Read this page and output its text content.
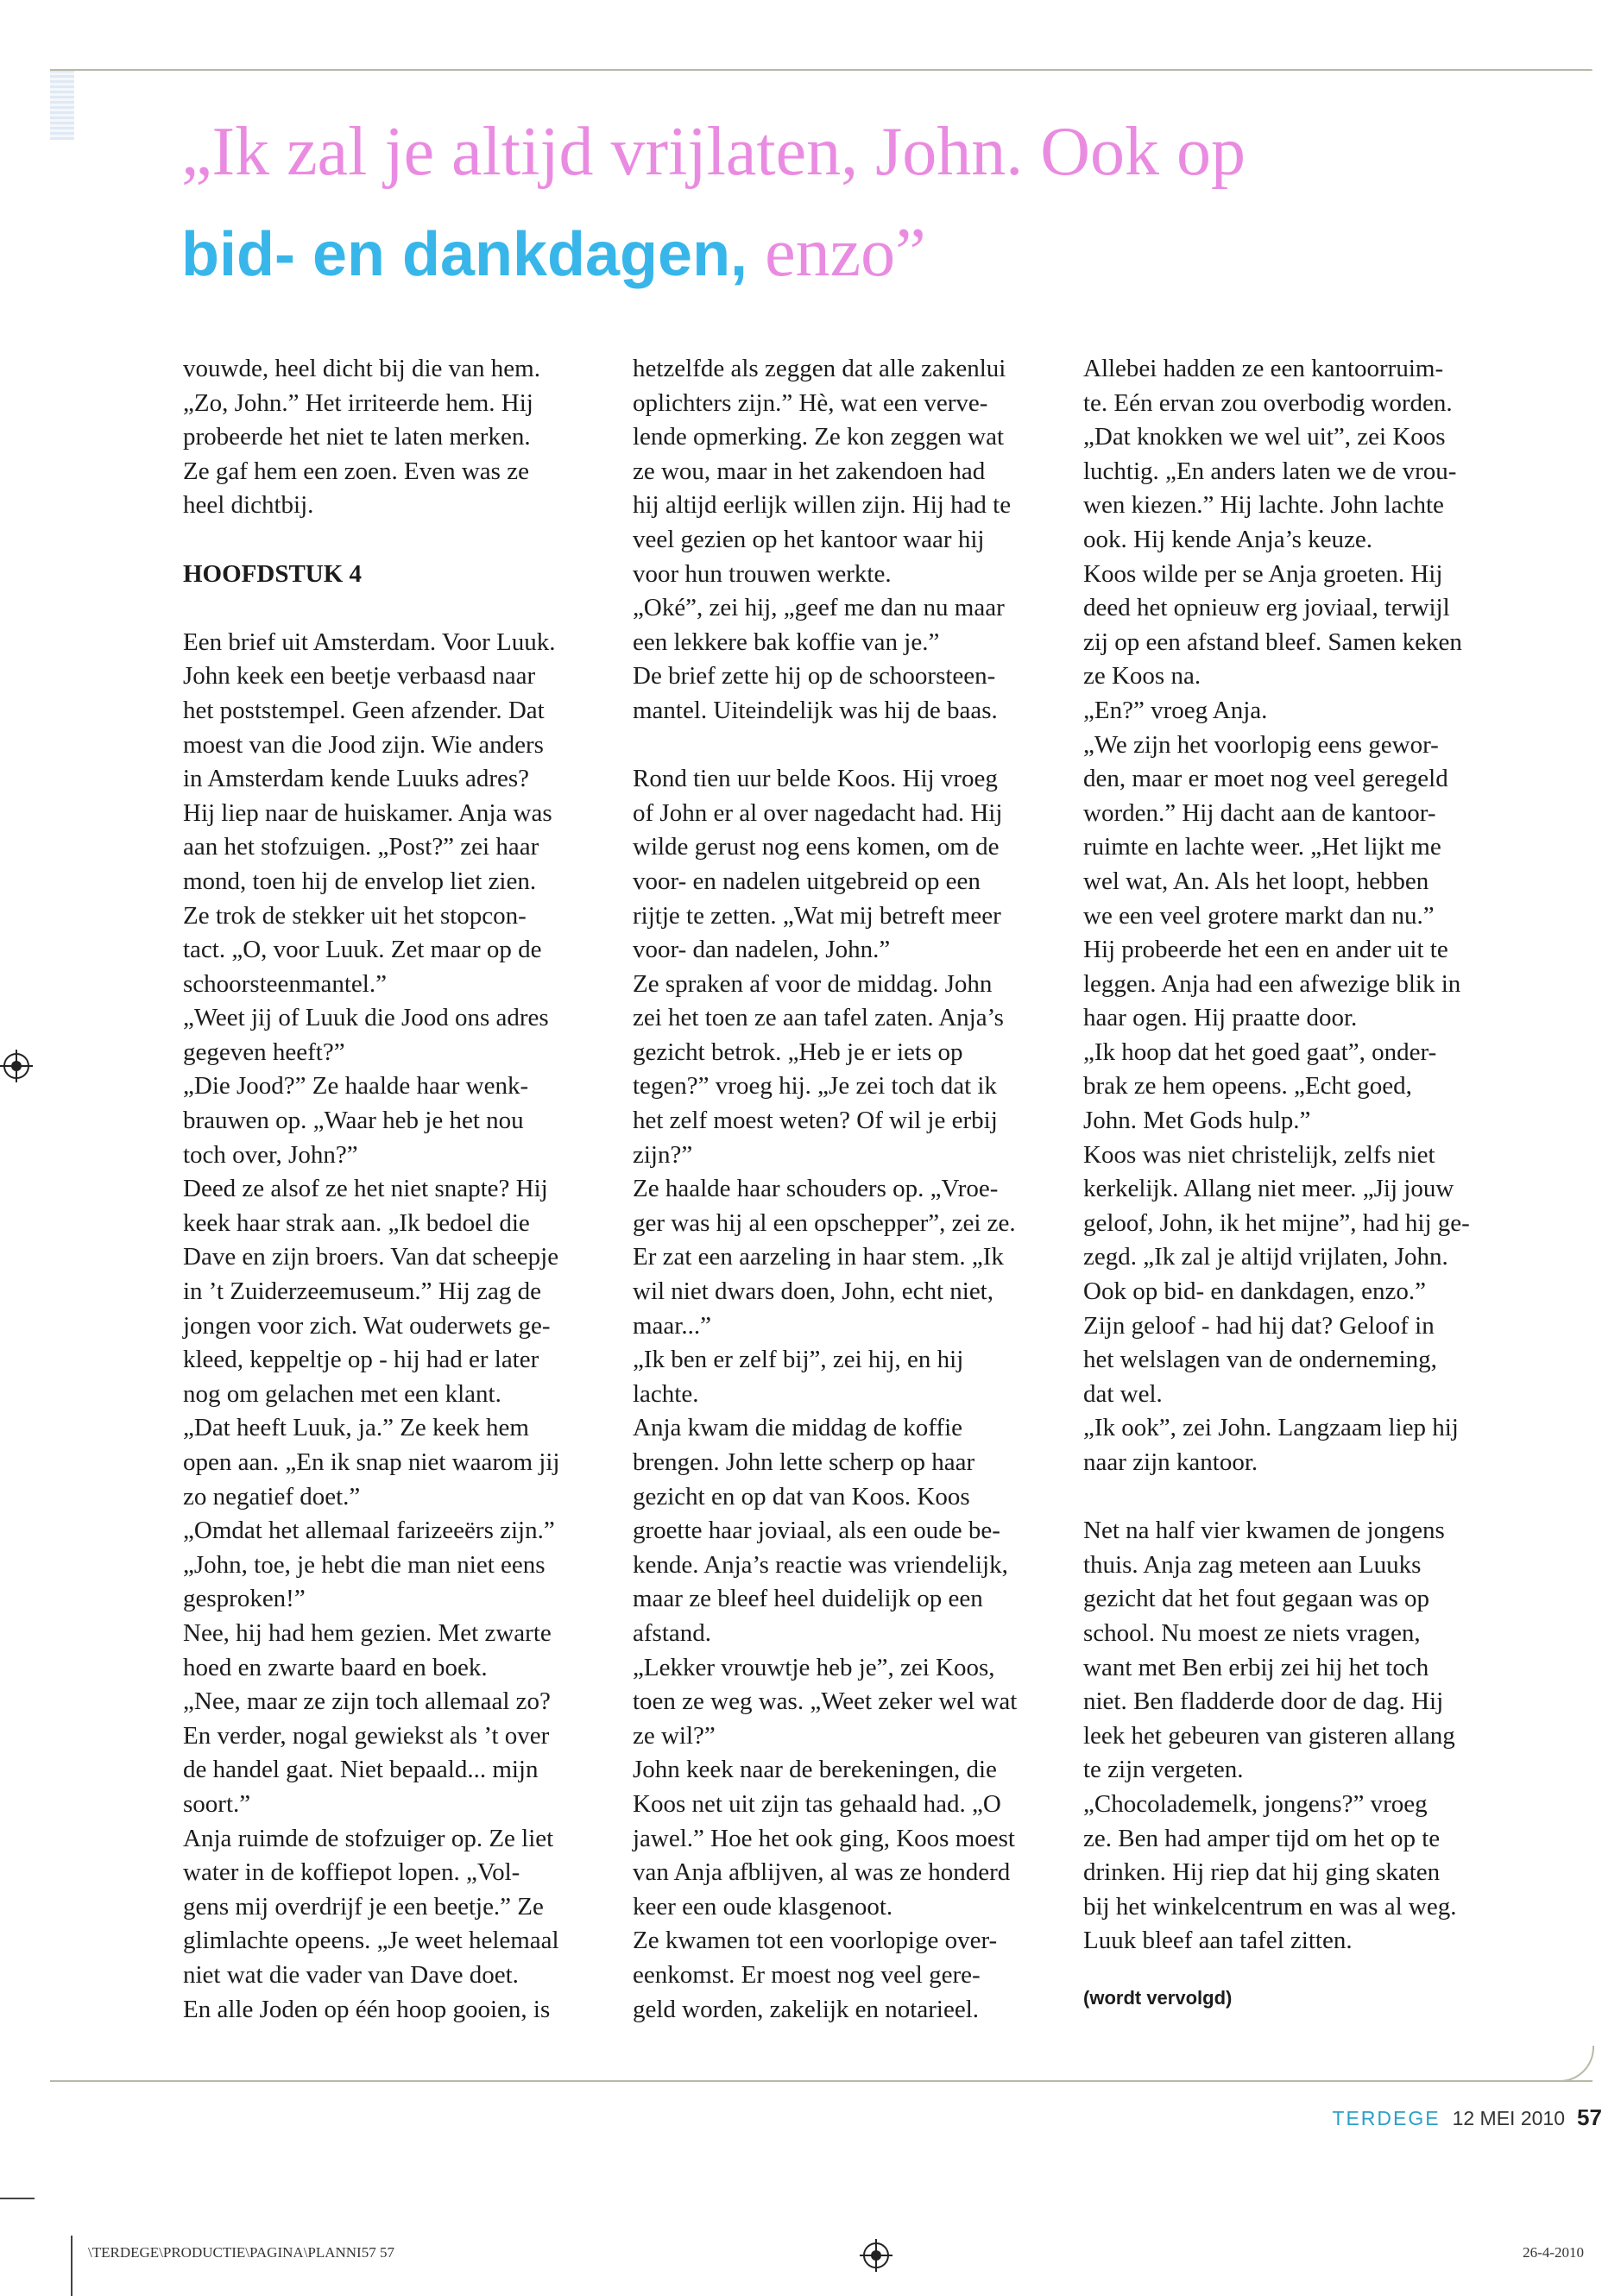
„Ik zal je altijd vrijlaten, John. Ook op
bid- en dankdagen, enzo”

vouwde, heel dicht bij die van hem.
„Zo, John.” Het irriteerde hem. Hij
probeerde het niet te laten merken.
Ze gaf hem een zoen. Even was ze
heel dichtbij.

HOOFDSTUK 4

Een brief uit Amsterdam. Voor Luuk.
John keek een beetje verbaasd naar
het poststempel. Geen afzender. Dat
moest van die Jood zijn. Wie anders
in Amsterdam kende Luuks adres?
Hij liep naar de huiskamer. Anja was
aan het stofzuigen. „Post?” zei haar
mond, toen hij de envelop liet zien.
Ze trok de stekker uit het stopcon-
tact. „O, voor Luuk. Zet maar op de
schoorsteenmantel.”
„Weet jij of Luuk die Jood ons adres
gegeven heeft?”
„Die Jood?” Ze haalde haar wenk-
brauwen op. „Waar heb je het nou
toch over, John?”
Deed ze alsof ze het niet snapte? Hij
keek haar strak aan. „Ik bedoel die
Dave en zijn broers. Van dat scheepje
in ’t Zuiderzeemuseum.” Hij zag de
jongen voor zich. Wat ouderwets ge-
kleed, keppeltje op - hij had er later
nog om gelachen met een klant.
„Dat heeft Luuk, ja.” Ze keek hem
open aan. „En ik snap niet waarom jij
zo negatief doet.”
„Omdat het allemaal farizeeërs zijn.”
„John, toe, je hebt die man niet eens
gesproken!”
Nee, hij had hem gezien. Met zwarte
hoed en zwarte baard en boek.
„Nee, maar ze zijn toch allemaal zo?
En verder, nogal gewiekst als ’t over
de handel gaat. Niet bepaald... mijn
soort.”
Anja ruimde de stofzuiger op. Ze liet
water in de koffiepot lopen. „Vol-
gens mij overdrijf je een beetje.” Ze
glimlachte opeens. „Je weet helemaal
niet wat die vader van Dave doet.
En alle Joden op één hoop gooien, is

hetzelfde als zeggen dat alle zakenlui
oplichters zijn.” Hè, wat een verve-
lende opmerking. Ze kon zeggen wat
ze wou, maar in het zakendoen had
hij altijd eerlijk willen zijn. Hij had te
veel gezien op het kantoor waar hij
voor hun trouwen werkte.
„Oké”, zei hij, „geef me dan nu maar
een lekkere bak koffie van je.”
De brief zette hij op de schoorsteen-
mantel. Uiteindelijk was hij de baas.

Rond tien uur belde Koos. Hij vroeg
of John er al over nagedacht had. Hij
wilde gerust nog eens komen, om de
voor- en nadelen uitgebreid op een
rijtje te zetten. „Wat mij betreft meer
voor- dan nadelen, John.”
Ze spraken af voor de middag. John
zei het toen ze aan tafel zaten. Anja’s
gezicht betrok. „Heb je er iets op
tegen?” vroeg hij. „Je zei toch dat ik
het zelf moest weten? Of wil je erbij
zijn?”
Ze haalde haar schouders op. „Vroe-
ger was hij al een opschepper”, zei ze.
Er zat een aarzeling in haar stem. „Ik
wil niet dwars doen, John, echt niet,
maar...”
„Ik ben er zelf bij”, zei hij, en hij
lachte.
Anja kwam die middag de koffie
brengen. John lette scherp op haar
gezicht en op dat van Koos. Koos
groette haar joviaal, als een oude be-
kende. Anja’s reactie was vriendelijk,
maar ze bleef heel duidelijk op een
afstand.
„Lekker vrouwtje heb je”, zei Koos,
toen ze weg was. „Weet zeker wel wat
ze wil?”
John keek naar de berekeningen, die
Koos net uit zijn tas gehaald had. „O
jawel.” Hoe het ook ging, Koos moest
van Anja afblijven, al was ze honderd
keer een oude klasgenoot.
Ze kwamen tot een voorlopige over-
eenkomst. Er moest nog veel gere-
geld worden, zakelijk en notarieel.

Allebei hadden ze een kantoorruim-
te. Eén ervan zou overbodig worden.
„Dat knokken we wel uit”, zei Koos
luchtig. „En anders laten we de vrou-
wen kiezen.” Hij lachte. John lachte
ook. Hij kende Anja’s keuze.
Koos wilde per se Anja groeten. Hij
deed het opnieuw erg joviaal, terwijl
zij op een afstand bleef. Samen keken
ze Koos na.
„En?” vroeg Anja.
„We zijn het voorlopig eens gewor-
den, maar er moet nog veel geregeld
worden.” Hij dacht aan de kantoor-
ruimte en lachte weer. „Het lijkt me
wel wat, An. Als het loopt, hebben
we een veel grotere markt dan nu.”
Hij probeerde het een en ander uit te
leggen. Anja had een afwezige blik in
haar ogen. Hij praatte door.
„Ik hoop dat het goed gaat”, onder-
brak ze hem opeens. „Echt goed,
John. Met Gods hulp.”
Koos was niet christelijk, zelfs niet
kerkelijk. Allang niet meer. „Jij jouw
geloof, John, ik het mijne”, had hij ge-
zegd. „Ik zal je altijd vrijlaten, John.
Ook op bid- en dankdagen, enzo.”
Zijn geloof - had hij dat? Geloof in
het welslagen van de onderneming,
dat wel.
„Ik ook”, zei John. Langzaam liep hij
naar zijn kantoor.

Net na half vier kwamen de jongens
thuis. Anja zag meteen aan Luuks
gezicht dat het fout gegaan was op
school. Nu moest ze niets vragen,
want met Ben erbij zei hij het toch
niet. Ben fladderde door de dag. Hij
leek het gebeuren van gisteren allang
te zijn vergeten.
„Chocolademelk, jongens?” vroeg
ze. Ben had amper tijd om het op te
drinken. Hij riep dat hij ging skaten
bij het winkelcentrum en was al weg.
Luuk bleef aan tafel zitten.

(wordt vervolgd)

TERDEGE 12 MEI 2010 57
\TERDEGE\PRODUCTIE\PAGINA\PLANNI57 57	26-4-2010
